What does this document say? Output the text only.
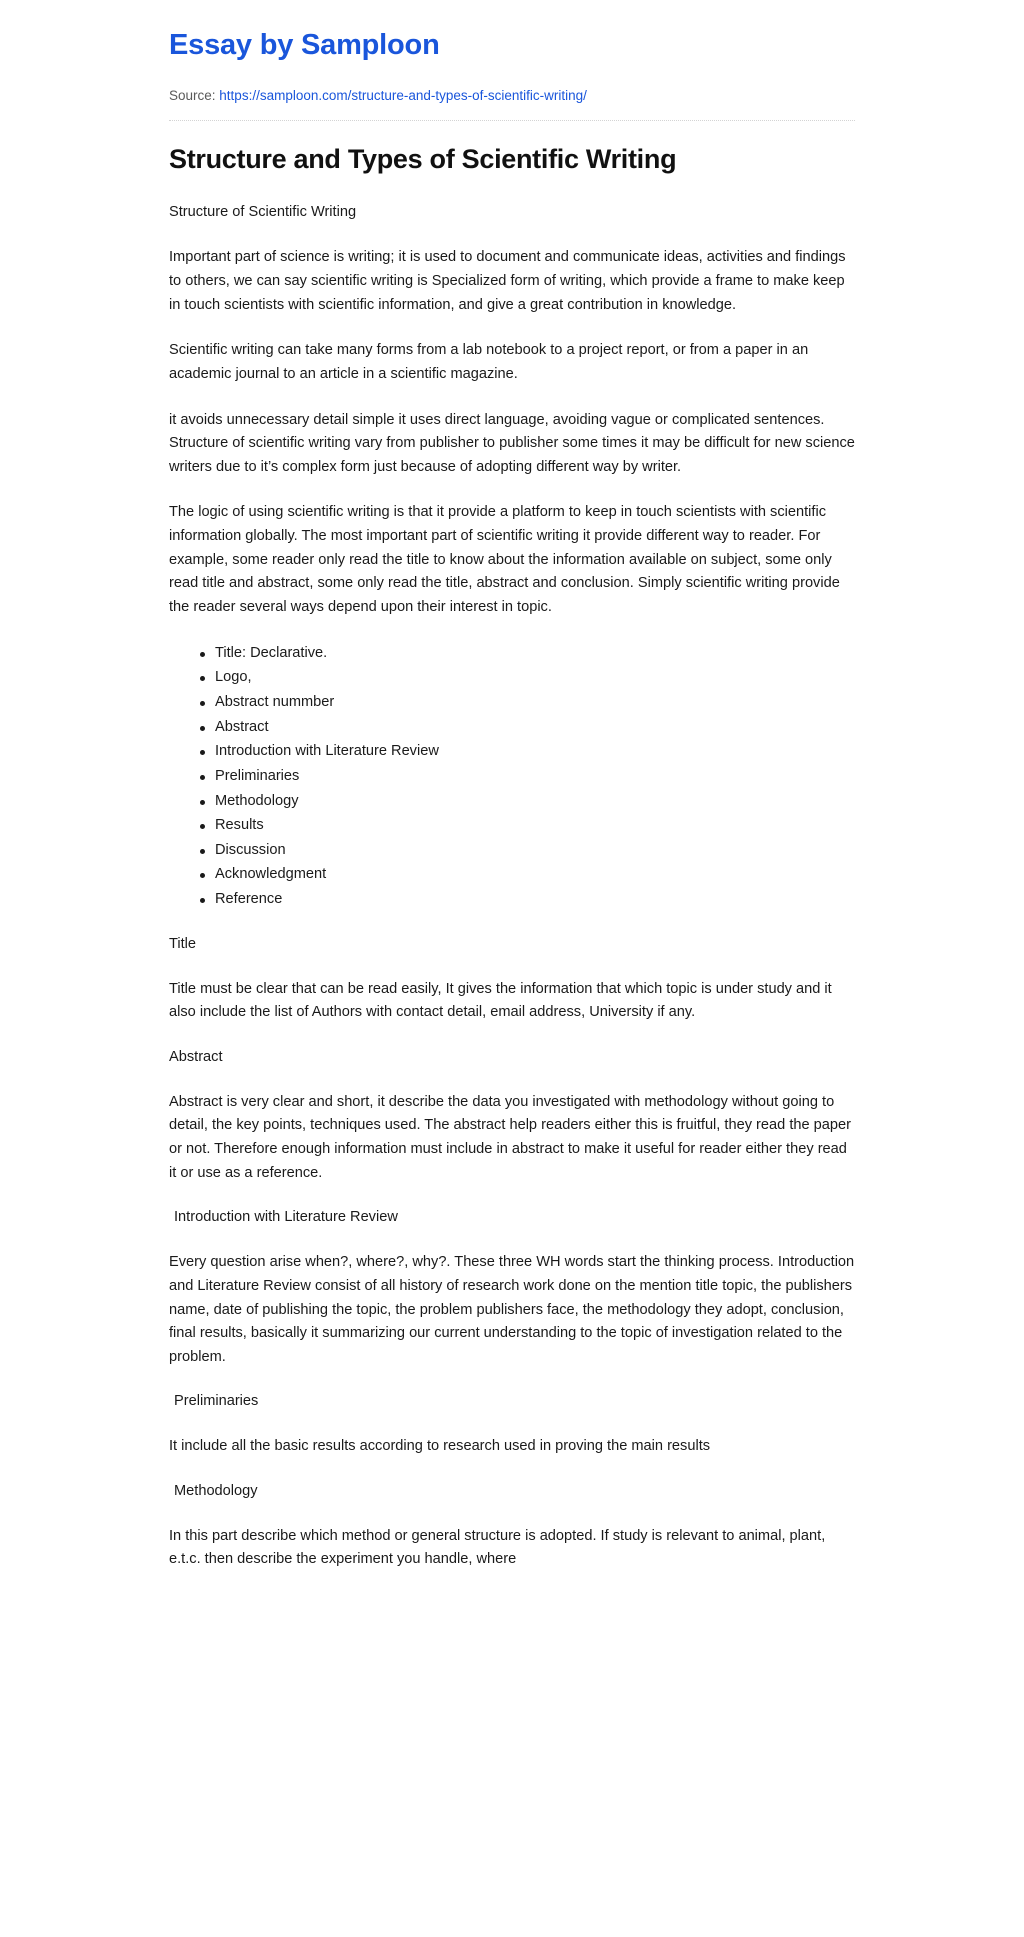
Essay by Samploon
Source: https://samploon.com/structure-and-types-of-scientific-writing/
Structure and Types of Scientific Writing
Structure of Scientific Writing

Important part of science is writing; it is used to document and communicate ideas, activities and findings to others, we can say scientific writing is Specialized form of writing, which provide a frame to make keep in touch scientists with scientific information, and give a great contribution in knowledge.

Scientific writing can take many forms from a lab notebook to a project report, or from a paper in an academic journal to an article in a scientific magazine.

it avoids unnecessary detail simple it uses direct language, avoiding vague or complicated sentences. Structure of scientific writing vary from publisher to publisher some times it may be difficult for new science writers due to it’s complex form just because of adopting different way by writer.

The logic of using scientific writing is that it provide a platform to keep in touch scientists with scientific information globally. The most important part of scientific writing it provide different way to reader. For example, some reader only read the title to know about the information available on subject, some only read title and abstract, some only read the title, abstract and conclusion. Simply scientific writing provide the reader several ways depend upon their interest in topic.

Title: Declarative.
Logo,
Abstract nummber
Abstract
Introduction with Literature Review
Preliminaries
Methodology
Results
Discussion
Acknowledgment
Reference
Title

Title must be clear that can be read easily, It gives the information that which topic is under study and it also include the list of Authors with contact detail, email address, University if any.

Abstract

Abstract is very clear and short, it describe the data you investigated with methodology without going to detail, the key points, techniques used. The abstract help readers either this is fruitful, they read the paper or not. Therefore enough information must include in abstract to make it useful for reader either they read it or use as a reference.

Introduction with Literature Review

Every question arise when?, where?, why?. These three WH words start the thinking process. Introduction and Literature Review consist of all history of research work done on the mention title topic, the publishers name, date of publishing the topic, the problem publishers face, the methodology they adopt, conclusion, final results, basically it summarizing our current understanding to the topic of investigation related to the problem.

Preliminaries

It include all the basic results according to research used in proving the main results

Methodology

In this part describe which method or general structure is adopted. If study is relevant to animal, plant, e.t.c. then describe the experiment you handle, where
